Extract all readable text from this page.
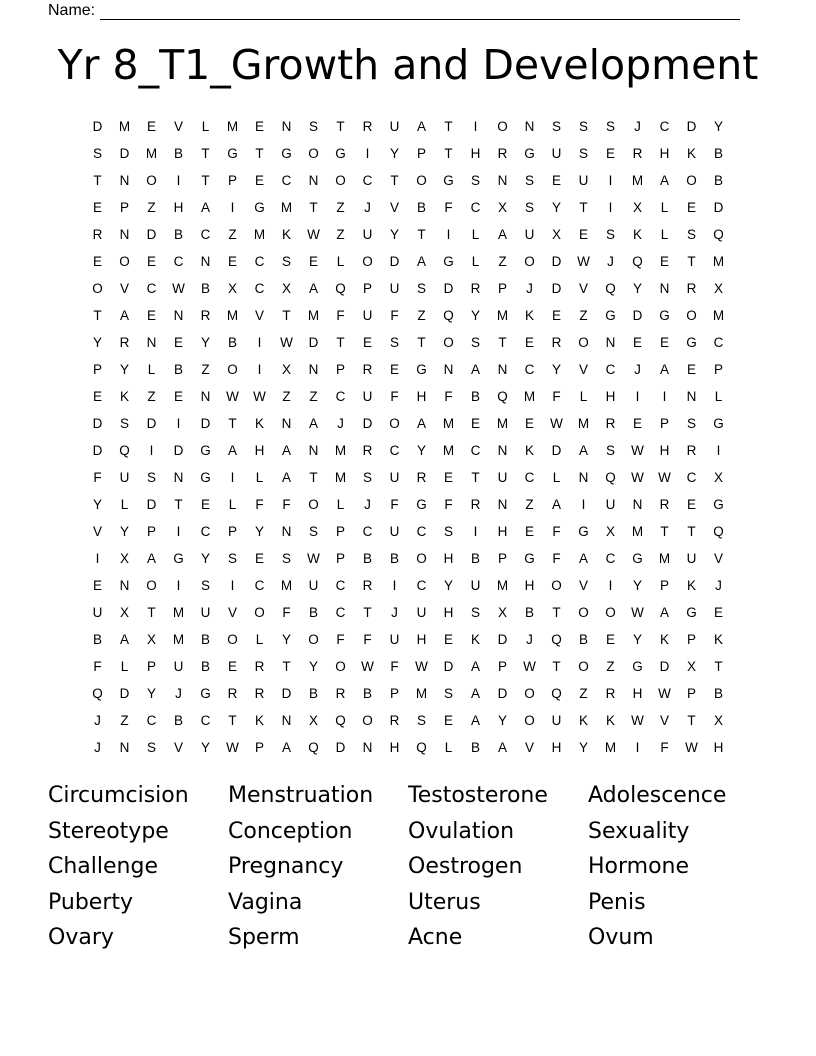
Name:
Yr 8_T1_Growth and Development
D	M	E	V	L	M	E	N	S	T	R	U	A	T	I	O	N	S	S	S	J	C	D	Y
S	D	M	B	T	G	T	G	O	G	I	Y	P	T	H	R	G	U	S	E	R	H	K	B
T	N	O	I	T	P	E	C	N	O	C	T	O	G	S	N	S	E	U	I	M	A	O	B
E	P	Z	H	A	I	G	M	T	Z	J	V	B	F	C	X	S	Y	T	I	X	L	E	D
R	N	D	B	C	Z	M	K	W	Z	U	Y	T	I	L	A	U	X	E	S	K	L	S	Q
E	O	E	C	N	E	C	S	E	L	O	D	A	G	L	Z	O	D	W	J	Q	E	T	M
O	V	C	W	B	X	C	X	A	Q	P	U	S	D	R	P	J	D	V	Q	Y	N	R	X
T	A	E	N	R	M	V	T	M	F	U	F	Z	Q	Y	M	K	E	Z	G	D	G	O	M
Y	R	N	E	Y	B	I	W	D	T	E	S	T	O	S	T	E	R	O	N	E	E	G	C
P	Y	L	B	Z	O	I	X	N	P	R	E	G	N	A	N	C	Y	V	C	J	A	E	P
E	K	Z	E	N	W	W	Z	Z	C	U	F	H	F	B	Q	M	F	L	H	I	I	N	L
D	S	D	I	D	T	K	N	A	J	D	O	A	M	E	M	E	W	M	R	E	P	S	G
D	Q	I	D	G	A	H	A	N	M	R	C	Y	M	C	N	K	D	A	S	W	H	R	I
F	U	S	N	G	I	L	A	T	M	S	U	R	E	T	U	C	L	N	Q	W	W	C	X
Y	L	D	T	E	L	F	F	O	L	J	F	G	F	R	N	Z	A	I	U	N	R	E	G
V	Y	P	I	C	P	Y	N	S	P	C	U	C	S	I	H	E	F	G	X	M	T	T	Q
I	X	A	G	Y	S	E	S	W	P	B	B	O	H	B	P	G	F	A	C	G	M	U	V
E	N	O	I	S	I	C	M	U	C	R	I	C	Y	U	M	H	O	V	I	Y	P	K	J
U	X	T	M	U	V	O	F	B	C	T	J	U	H	S	X	B	T	O	O	W	A	G	E
B	A	X	M	B	O	L	Y	O	F	F	U	H	E	K	D	J	Q	B	E	Y	K	P	K
F	L	P	U	B	E	R	T	Y	O	W	F	W	D	A	P	W	T	O	Z	G	D	X	T
Q	D	Y	J	G	R	R	D	B	R	B	P	M	S	A	D	O	Q	Z	R	H	W	P	B
J	Z	C	B	C	T	K	N	X	Q	O	R	S	E	A	Y	O	U	K	K	W	V	T	X
J	N	S	V	Y	W	P	A	Q	D	N	H	Q	L	B	A	V	H	Y	M	I	F	W	H
Circumcision	Menstruation	Testosterone	Adolescence
Stereotype	Conception	Ovulation	Sexuality
Challenge	Pregnancy	Oestrogen	Hormone
Puberty	Vagina	Uterus	Penis
Ovary	Sperm	Acne	Ovum
